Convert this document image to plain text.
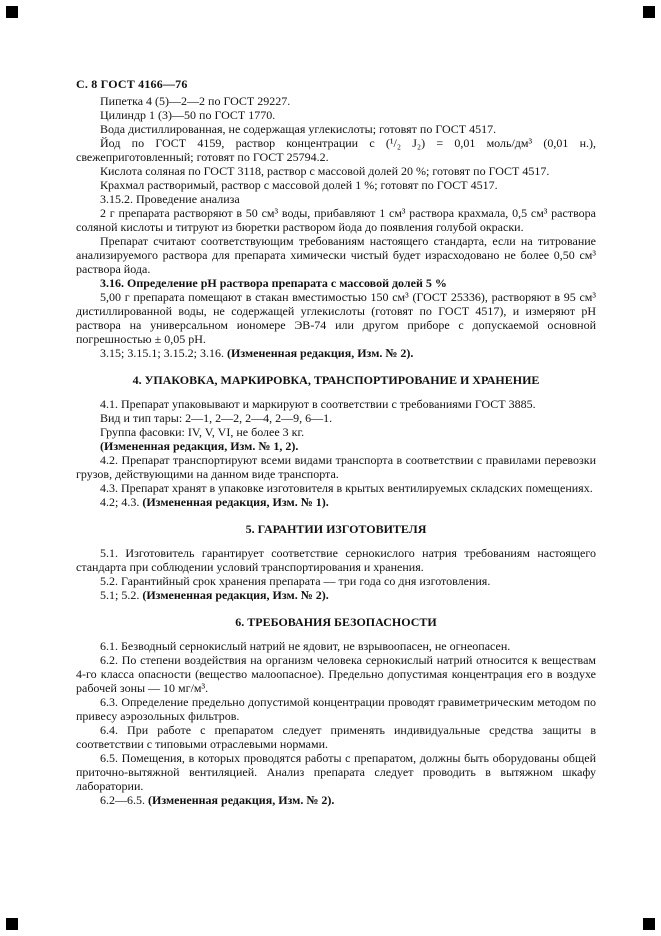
С. 8 ГОСТ 4166—76

Пипетка 4 (5)—2—2 по ГОСТ 29227.

Цилиндр 1 (3)—50 по ГОСТ 1770.

Вода дистиллированная, не содержащая углекислоты; готовят по ГОСТ 4517.

Йод по ГОСТ 4159, раствор концентрации с (¹/₂ J₂) = 0,01 моль/дм³ (0,01 н.), свежеприготовленный; готовят по ГОСТ 25794.2.

Кислота соляная по ГОСТ 3118, раствор с массовой долей 20 %; готовят по ГОСТ 4517.

Крахмал растворимый, раствор с массовой долей 1 %; готовят по ГОСТ 4517.

3.15.2. Проведение анализа

2 г препарата растворяют в 50 см³ воды, прибавляют 1 см³ раствора крахмала, 0,5 см³ раствора соляной кислоты и титруют из бюретки раствором йода до появления голубой окраски.

Препарат считают соответствующим требованиям настоящего стандарта, если на титрование анализируемого раствора для препарата химически чистый будет израсходовано не более 0,50 см³ раствора йода.

3.16. Определение рН раствора препарата с массовой долей 5 %

5,00 г препарата помещают в стакан вместимостью 150 см³ (ГОСТ 25336), растворяют в 95 см³ дистиллированной воды, не содержащей углекислоты (готовят по ГОСТ 4517), и измеряют рН раствора на универсальном иономере ЭВ-74 или другом приборе с допускаемой основной погрешностью ± 0,05 рН.

3.15; 3.15.1; 3.15.2; 3.16. (Измененная редакция, Изм. № 2).

4. УПАКОВКА, МАРКИРОВКА, ТРАНСПОРТИРОВАНИЕ И ХРАНЕНИЕ

4.1. Препарат упаковывают и маркируют в соответствии с требованиями ГОСТ 3885.

Вид и тип тары: 2—1, 2—2, 2—4, 2—9, 6—1.

Группа фасовки: IV, V, VI, не более 3 кг.

(Измененная редакция, Изм. № 1, 2).

4.2. Препарат транспортируют всеми видами транспорта в соответствии с правилами перевозки грузов, действующими на данном виде транспорта.

4.3. Препарат хранят в упаковке изготовителя в крытых вентилируемых складских помещениях.

4.2; 4.3. (Измененная редакция, Изм. № 1).

5. ГАРАНТИИ ИЗГОТОВИТЕЛЯ

5.1. Изготовитель гарантирует соответствие сернокислого натрия требованиям настоящего стандарта при соблюдении условий транспортирования и хранения.

5.2. Гарантийный срок хранения препарата — три года со дня изготовления.

5.1; 5.2. (Измененная редакция, Изм. № 2).

6. ТРЕБОВАНИЯ БЕЗОПАСНОСТИ

6.1. Безводный сернокислый натрий не ядовит, не взрывоопасен, не огнеопасен.

6.2. По степени воздействия на организм человека сернокислый натрий относится к веществам 4-го класса опасности (вещество малоопасное). Предельно допустимая концентрация его в воздухе рабочей зоны — 10 мг/м³.

6.3. Определение предельно допустимой концентрации проводят гравиметрическим методом по привесу аэрозольных фильтров.

6.4. При работе с препаратом следует применять индивидуальные средства защиты в соответствии с типовыми отраслевыми нормами.

6.5. Помещения, в которых проводятся работы с препаратом, должны быть оборудованы общей приточно-вытяжной вентиляцией. Анализ препарата следует проводить в вытяжном шкафу лаборатории.

6.2—6.5. (Измененная редакция, Изм. № 2).
